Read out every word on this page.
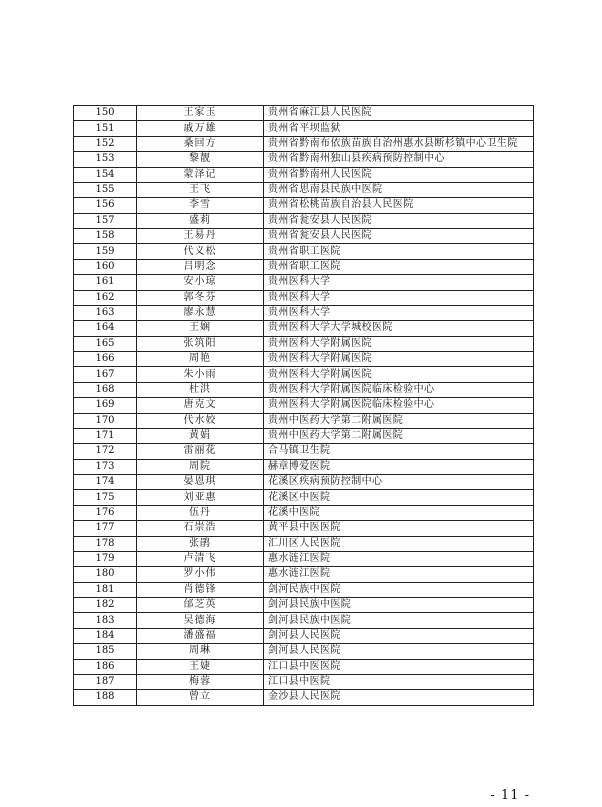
150	王家玉	贵州省麻江县人民医院
151	戚万雄	贵州省平坝监狱
152	桑回方	贵州省黔南布依族苗族自治州惠水县断杉镇中心卫生院
153	黎靓	贵州省黔南州独山县疾病预防控制中心
154	蒙泽记	贵州省黔南州人民医院
155	王飞	贵州省思南县民族中医院
156	李雪	贵州省松桃苗族自治县人民医院
157	盛莉	贵州省瓮安县人民医院
158	王易丹	贵州省瓮安县人民医院
159	代义松	贵州省职工医院
160	吕明念	贵州省职工医院
161	安小琼	贵州医科大学
162	郭冬芬	贵州医科大学
163	廖永慧	贵州医科大学
164	王娴	贵州医科大学大学城校医院
165	张筑阳	贵州医科大学附属医院
166	周艳	贵州医科大学附属医院
167	朱小雨	贵州医科大学附属医院
168	杜洪	贵州医科大学附属医院临床检验中心
169	唐克文	贵州医科大学附属医院临床检验中心
170	代水姣	贵州中医药大学第二附属医院
171	黄娟	贵州中医药大学第二附属医院
172	雷丽花	合马镇卫生院
173	周院	赫章博爱医院
174	晏恩琪	花溪区疾病预防控制中心
175	刘亚惠	花溪区中医院
176	伍丹	花溪中医院
177	石崇浩	黄平县中医医院
178	张鹃	汇川区人民医院
179	卢清飞	惠水涟江医院
180	罗小伟	惠水涟江医院
181	肖德锋	剑河民族中医院
182	邰芝英	剑河县民族中医院
183	吴德海	剑河县民族中医院
184	潘盛福	剑河县人民医院
185	周琳	剑河县人民医院
186	王婕	江口县中医医院
187	梅蓉	江口县中医院
188	曾立	金沙县人民医院
- 11 -
